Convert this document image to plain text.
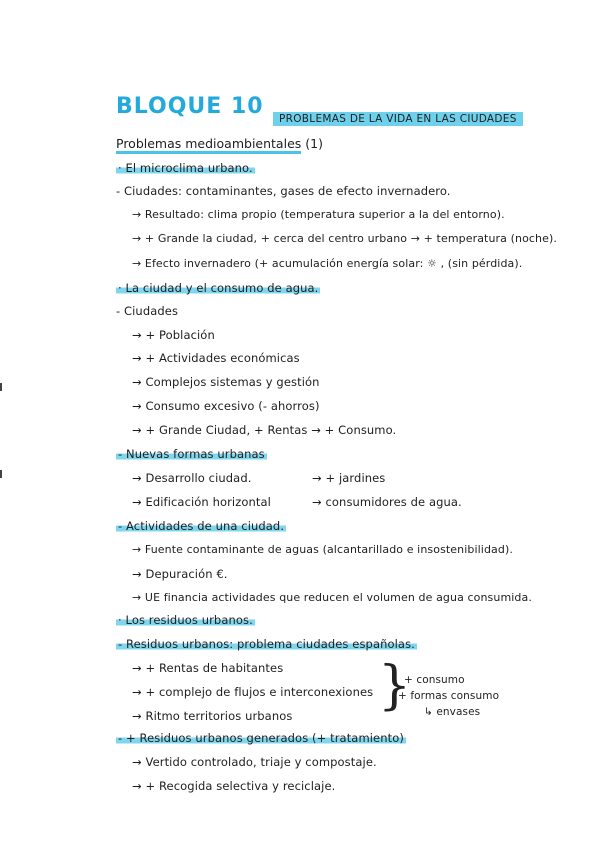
BLOQUE 10	PROBLEMAS DE LA VIDA EN LAS CIUDADES
Problemas medioambientales (1)
· El microclima urbano.
- Ciudades: contaminantes, gases de efecto invernadero.
→ Resultado: clima propio (temperatura superior a la del entorno).
→ + Grande la ciudad, + cerca del centro urbano → + temperatura (noche).
→ Efecto invernadero (+ acumulación energía solar: ☼ , (sin pérdida).
· La ciudad y el consumo de agua.
- Ciudades
→ + Población
→ + Actividades económicas
→ Complejos sistemas y gestión
→ Consumo excesivo (- ahorros)
→ + Grande Ciudad, + Rentas → + Consumo.
- Nuevas formas urbanas
→ Desarrollo ciudad.	→ + jardines
→ Edificación horizontal	→ consumidores de agua.
- Actividades de una ciudad.
→ Fuente contaminante de aguas (alcantarillado e insostenibilidad).
→ Depuración €.
→ UE financia actividades que reducen el volumen de agua consumida.
· Los residuos urbanos.
- Residuos urbanos: problema ciudades españolas.
→ + Rentas de habitantes
→ + complejo de flujos e interconexiones
→ Ritmo territorios urbanos }
+ consumo
+ formas consumo
↳ envases
- + Residuos urbanos generados (+ tratamiento)
→ Vertido controlado, triaje y compostaje.
→ + Recogida selectiva y reciclaje.
